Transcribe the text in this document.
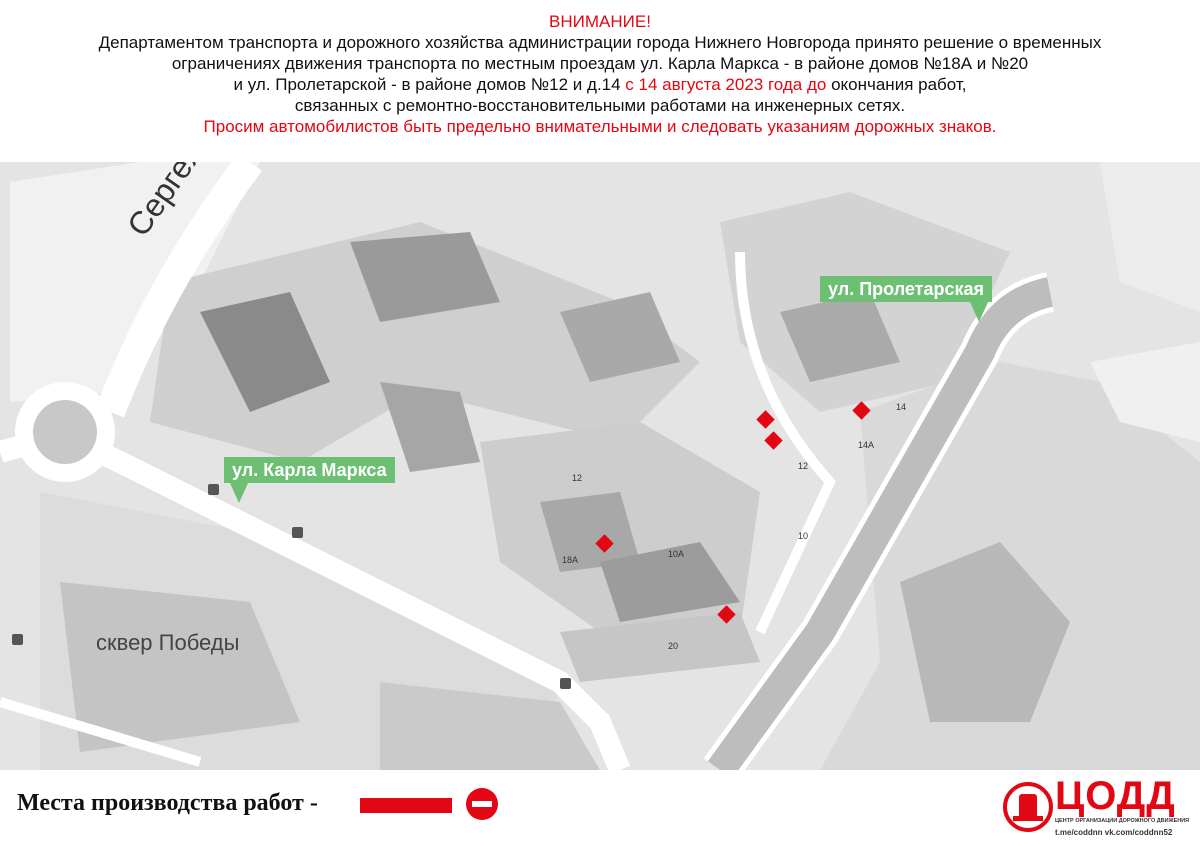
ВНИМАНИЕ!
Департаментом транспорта и дорожного хозяйства администрации города Нижнего Новгорода принято решение о временных
ограничениях движения транспорта по местным проездам ул. Карла Маркса - в районе домов №18А и №20
и ул. Пролетарской - в районе домов №12 и д.14 с 14 августа 2023 года до окончания работ,
связанных с ремонтно-восстановительными работами на инженерных сетях.
Просим автомобилистов быть предельно внимательными и следовать указаниям дорожных знаков.
сквер Победы
ул. Карла Маркса
ул. Пролетарская
14
14А
12
12
10
18А
10А
20
Места производства работ -	ЦОДД
ЦЕНТР ОРГАНИЗАЦИИ ДОРОЖНОГО ДВИЖЕНИЯ
t.me/coddnn vk.com/coddnn52
